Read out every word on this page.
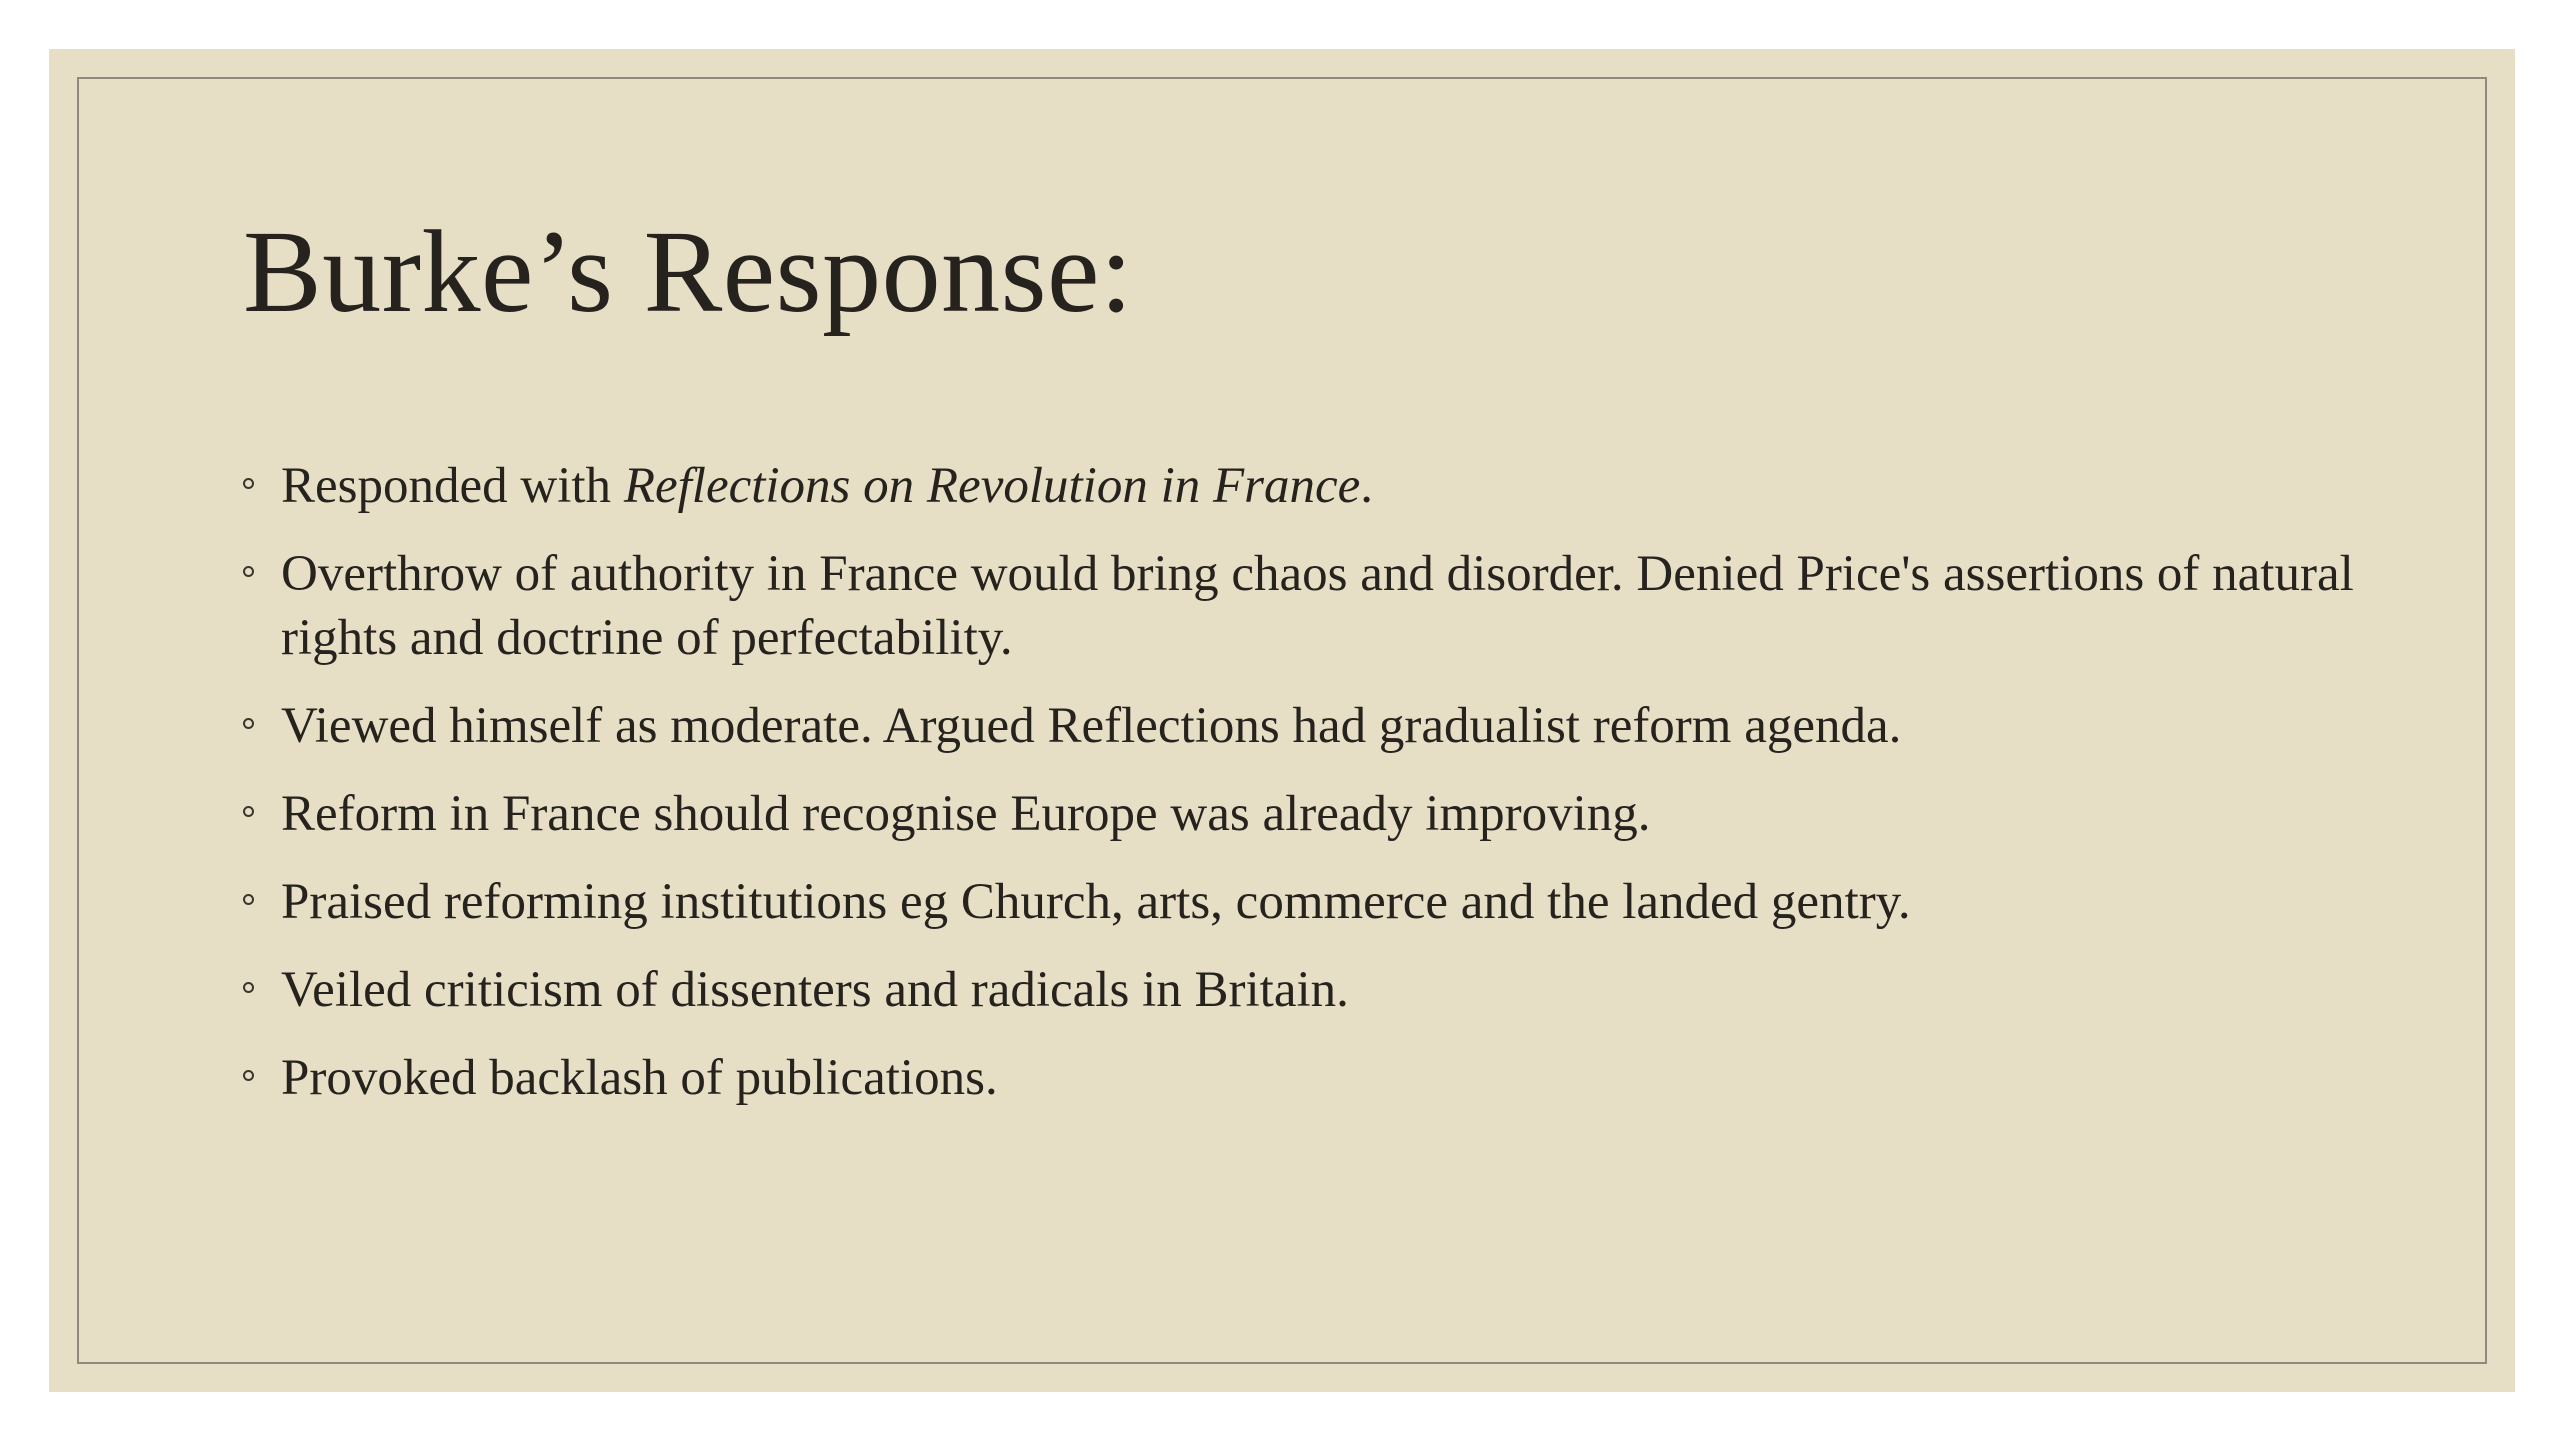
Burke’s Response:
Responded with Reflections on Revolution in France.
Overthrow of authority in France would bring chaos and disorder. Denied Price's assertions of natural rights and doctrine of perfectability.
Viewed himself as moderate. Argued Reflections had gradualist reform agenda.
Reform in France should recognise Europe was already improving.
Praised reforming institutions eg Church, arts, commerce and the landed gentry.
Veiled criticism of dissenters and radicals in Britain.
Provoked backlash of publications.
